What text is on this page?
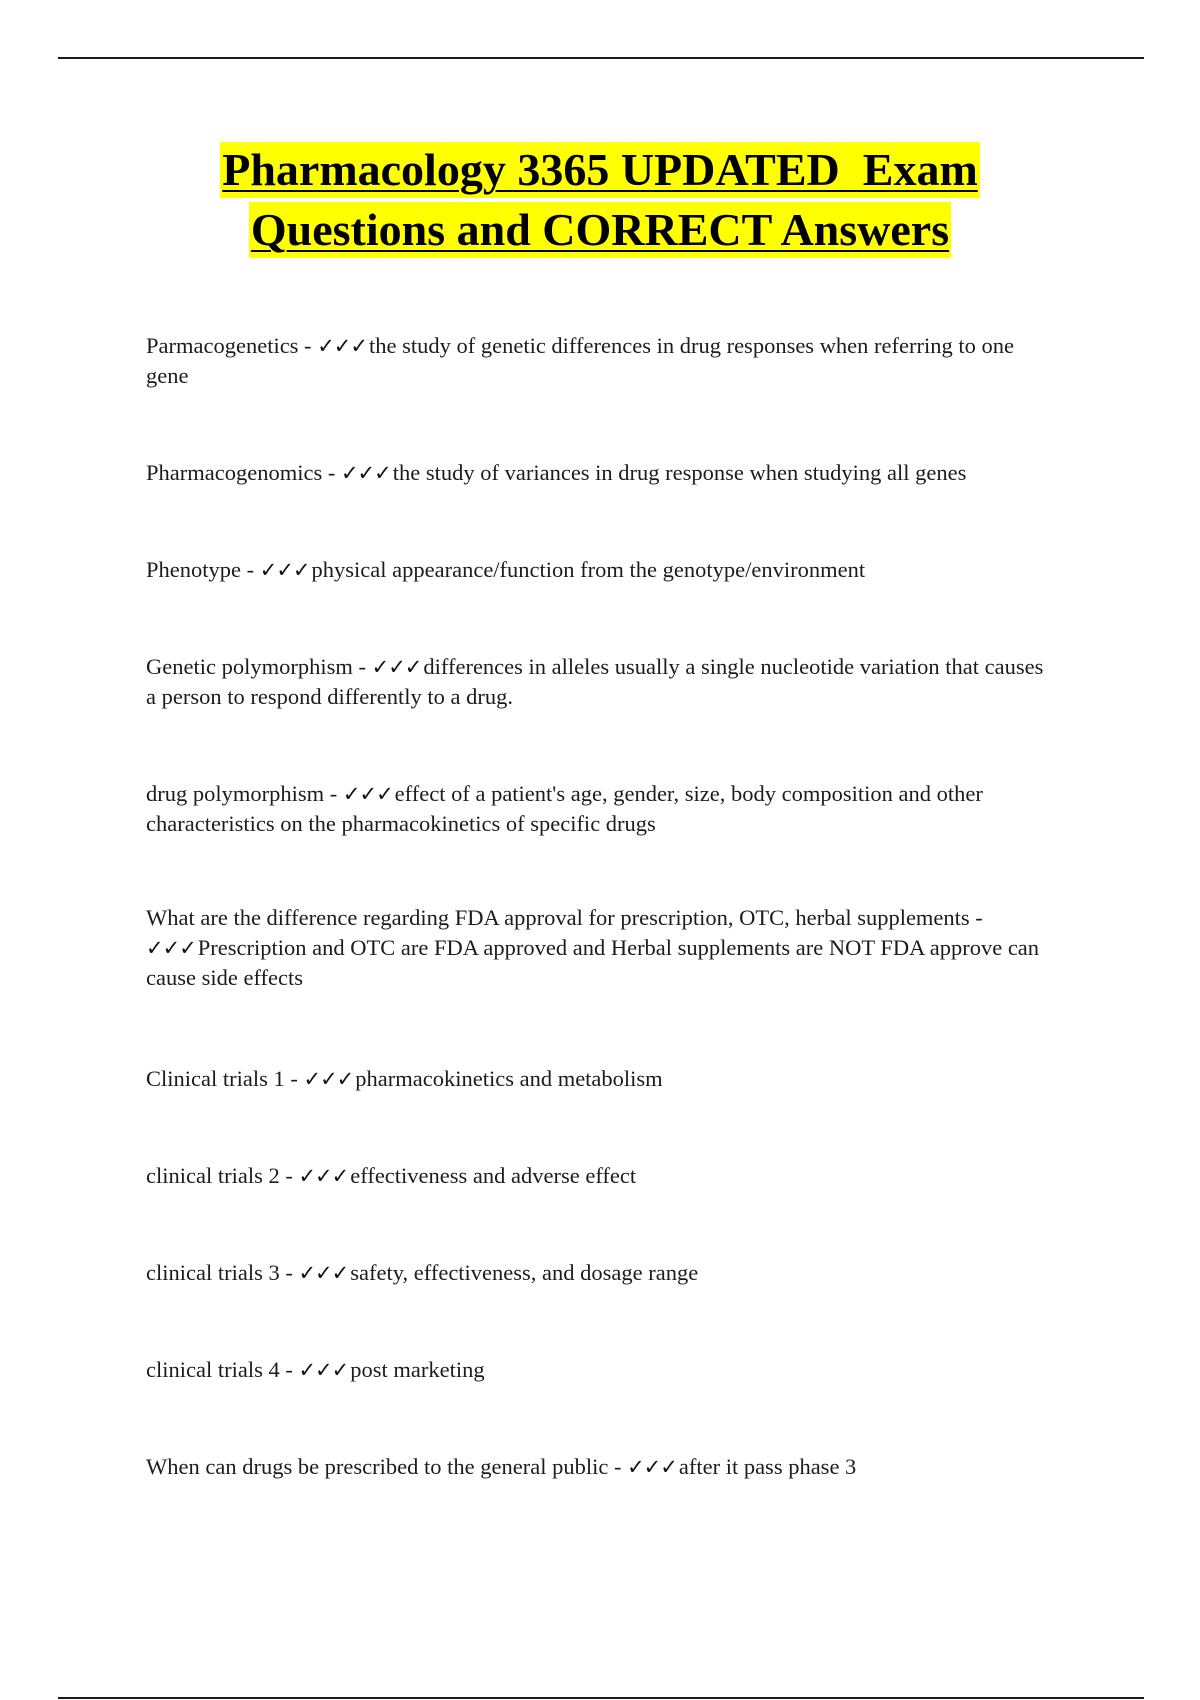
Pharmacology 3365 UPDATED  Exam
Questions and CORRECT Answers
Parmacogenetics - ✓✓✓the study of genetic differences in drug responses when referring to one gene
Pharmacogenomics - ✓✓✓the study of variances in drug response when studying all genes
Phenotype - ✓✓✓physical appearance/function from the genotype/environment
Genetic polymorphism - ✓✓✓differences in alleles usually a single nucleotide variation that causes a person to respond differently to a drug.
drug polymorphism - ✓✓✓effect of a patient's age, gender, size, body composition and other characteristics on the pharmacokinetics of specific drugs
What are the difference regarding FDA approval for prescription, OTC, herbal supplements - ✓✓✓Prescription and OTC are FDA approved and Herbal supplements are NOT FDA approve can cause side effects
Clinical trials 1 - ✓✓✓pharmacokinetics and metabolism
clinical trials 2 - ✓✓✓effectiveness and adverse effect
clinical trials 3 - ✓✓✓safety, effectiveness, and dosage range
clinical trials 4 - ✓✓✓post marketing
When can drugs be prescribed to the general public - ✓✓✓after it pass phase 3
